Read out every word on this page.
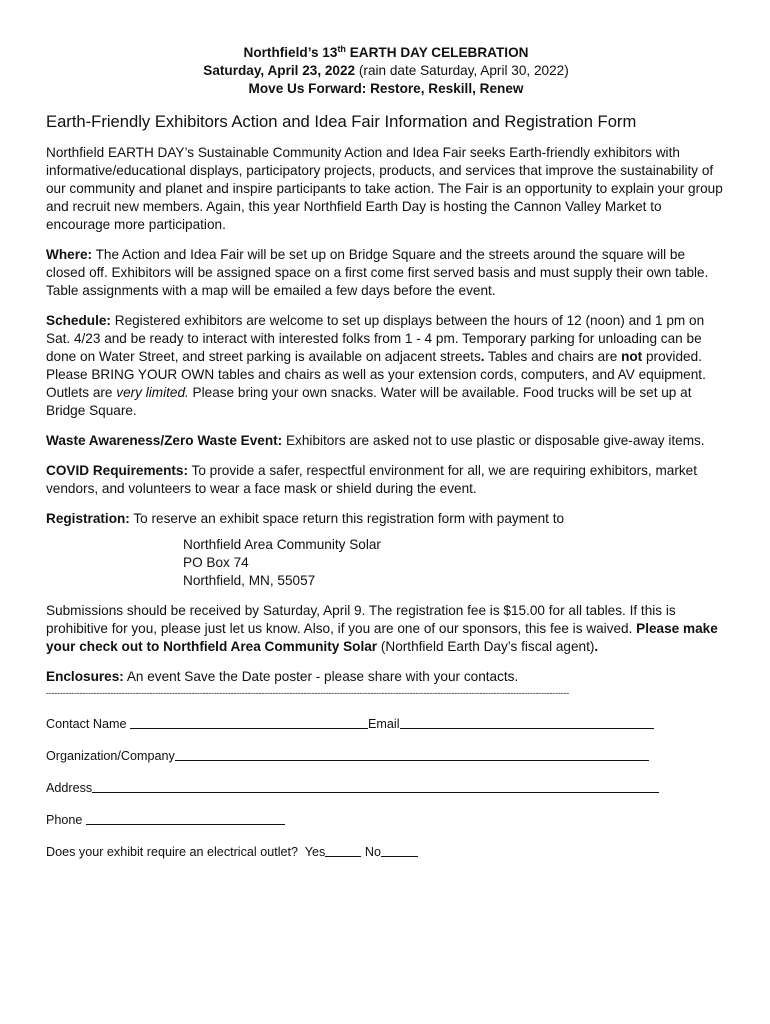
Northfield’s 13th EARTH DAY CELEBRATION
Saturday, April 23, 2022 (rain date Saturday, April 30, 2022)
Move Us Forward: Restore, Reskill, Renew
Earth-Friendly Exhibitors Action and Idea Fair Information and Registration Form

Northfield EARTH DAY’s Sustainable Community Action and Idea Fair seeks Earth-friendly exhibitors with informative/educational displays, participatory projects, products, and services that improve the sustainability of our community and planet and inspire participants to take action. The Fair is an opportunity to explain your group and recruit new members. Again, this year Northfield Earth Day is hosting the Cannon Valley Market to encourage more participation.

Where: The Action and Idea Fair will be set up on Bridge Square and the streets around the square will be closed off. Exhibitors will be assigned space on a first come first served basis and must supply their own table. Table assignments with a map will be emailed a few days before the event.

Schedule: Registered exhibitors are welcome to set up displays between the hours of 12 (noon) and 1 pm on Sat. 4/23 and be ready to interact with interested folks from 1 - 4 pm. Temporary parking for unloading can be done on Water Street, and street parking is available on adjacent streets. Tables and chairs are not provided. Please BRING YOUR OWN tables and chairs as well as your extension cords, computers, and AV equipment. Outlets are very limited. Please bring your own snacks. Water will be available. Food trucks will be set up at Bridge Square.

Waste Awareness/Zero Waste Event: Exhibitors are asked not to use plastic or disposable give-away items.

COVID Requirements: To provide a safer, respectful environment for all, we are requiring exhibitors, market vendors, and volunteers to wear a face mask or shield during the event.

Registration: To reserve an exhibit space return this registration form with payment to

Northfield Area Community Solar
PO Box 74
Northfield, MN, 55057

Submissions should be received by Saturday, April 9. The registration fee is $15.00 for all tables. If this is prohibitive for you, please just let us know. Also, if you are one of our sponsors, this fee is waived. Please make your check out to Northfield Area Community Solar (Northfield Earth Day’s fiscal agent).

Enclosures: An event Save the Date poster - please share with your contacts.

-------------------------------------------------------------------------------------------------------------------------------------------------------------------------------------------
Contact Name	Email
Organization/Company
Address
Phone
Does your exhibit require an electrical outlet? Yes	No
